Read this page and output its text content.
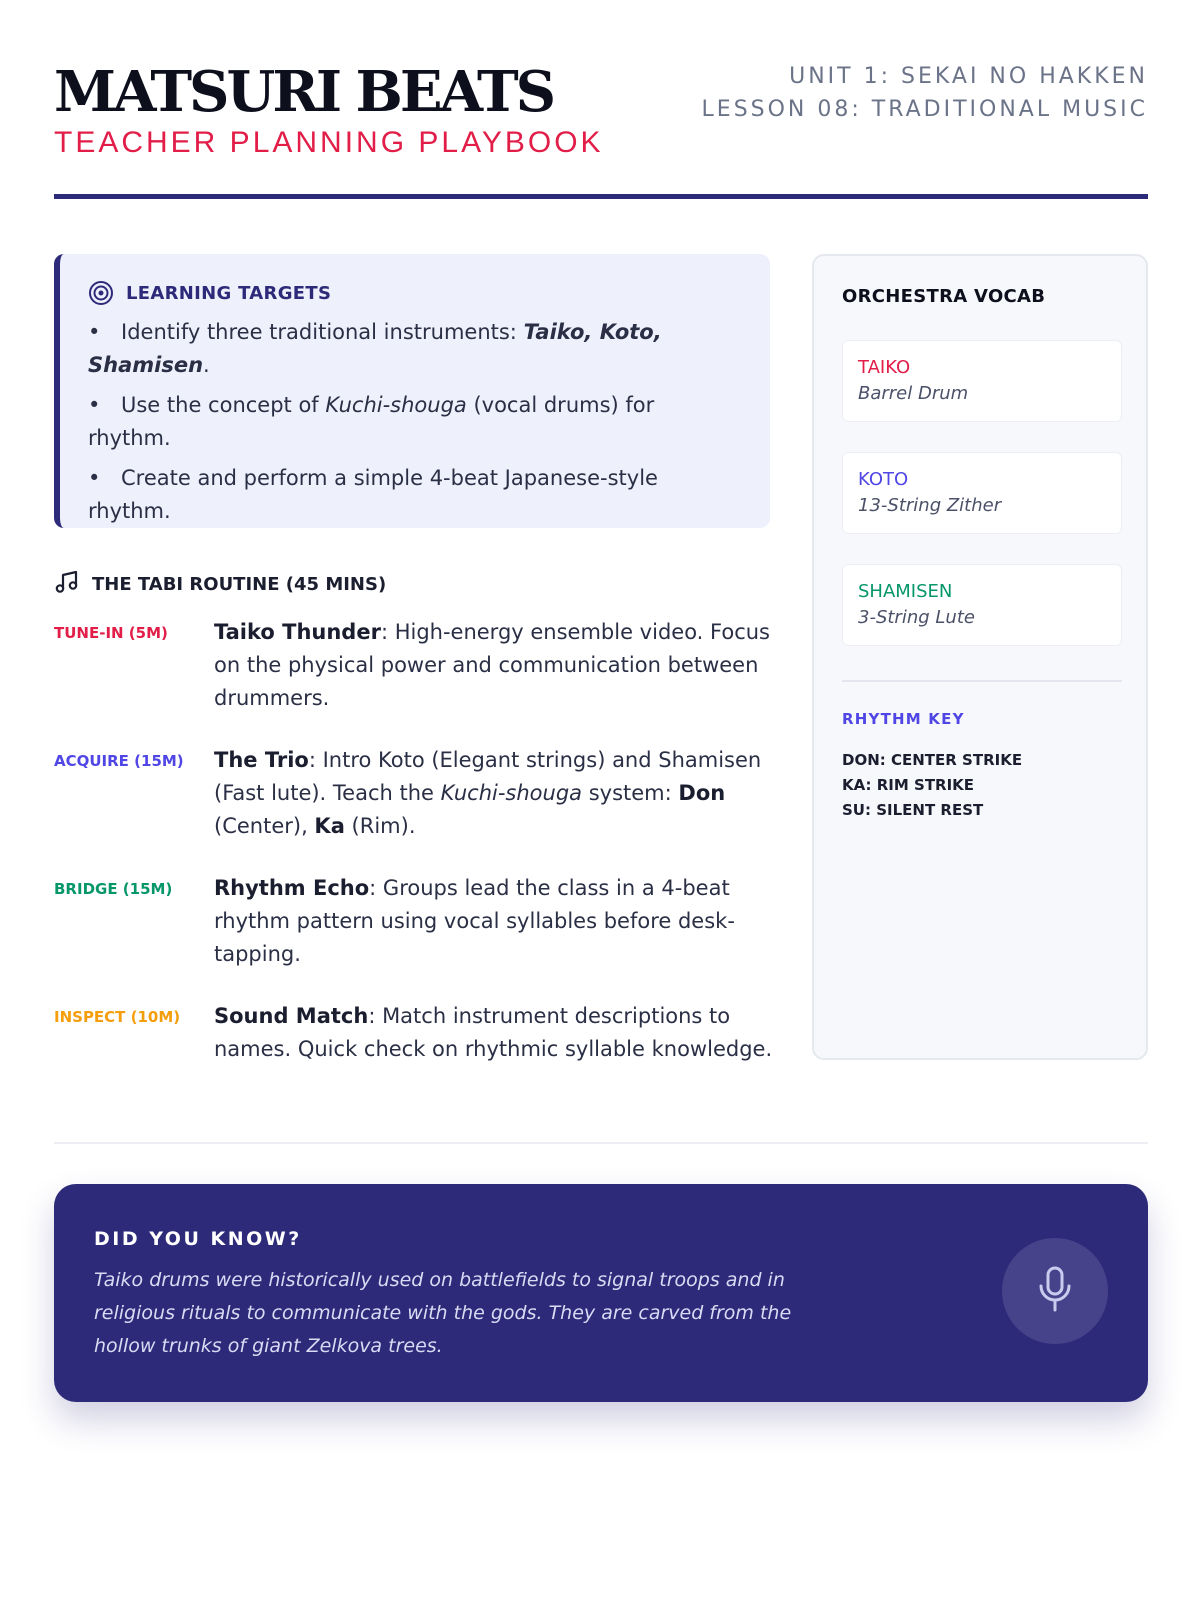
MATSURI BEATS
TEACHER PLANNING PLAYBOOK
UNIT 1: SEKAI NO HAKKEN
LESSON 08: TRADITIONAL MUSIC
LEARNING TARGETS
• Identify three traditional instruments: Taiko, Koto, Shamisen.
• Use the concept of Kuchi-shouga (vocal drums) for rhythm.
• Create and perform a simple 4-beat Japanese-style rhythm.
THE TABI ROUTINE (45 MINS)
TUNE-IN (5M) Taiko Thunder: High-energy ensemble video. Focus on the physical power and communication between drummers.
ACQUIRE (15M) The Trio: Intro Koto (Elegant strings) and Shamisen (Fast lute). Teach the Kuchi-shouga system: Don (Center), Ka (Rim).
BRIDGE (15M) Rhythm Echo: Groups lead the class in a 4-beat rhythm pattern using vocal syllables before desk-tapping.
INSPECT (10M) Sound Match: Match instrument descriptions to names. Quick check on rhythmic syllable knowledge.
ORCHESTRA VOCAB
TAIKO
Barrel Drum
KOTO
13-String Zither
SHAMISEN
3-String Lute
RHYTHM KEY
DON: CENTER STRIKE
KA: RIM STRIKE
SU: SILENT REST
DID YOU KNOW?
Taiko drums were historically used on battlefields to signal troops and in religious rituals to communicate with the gods. They are carved from the hollow trunks of giant Zelkova trees.
